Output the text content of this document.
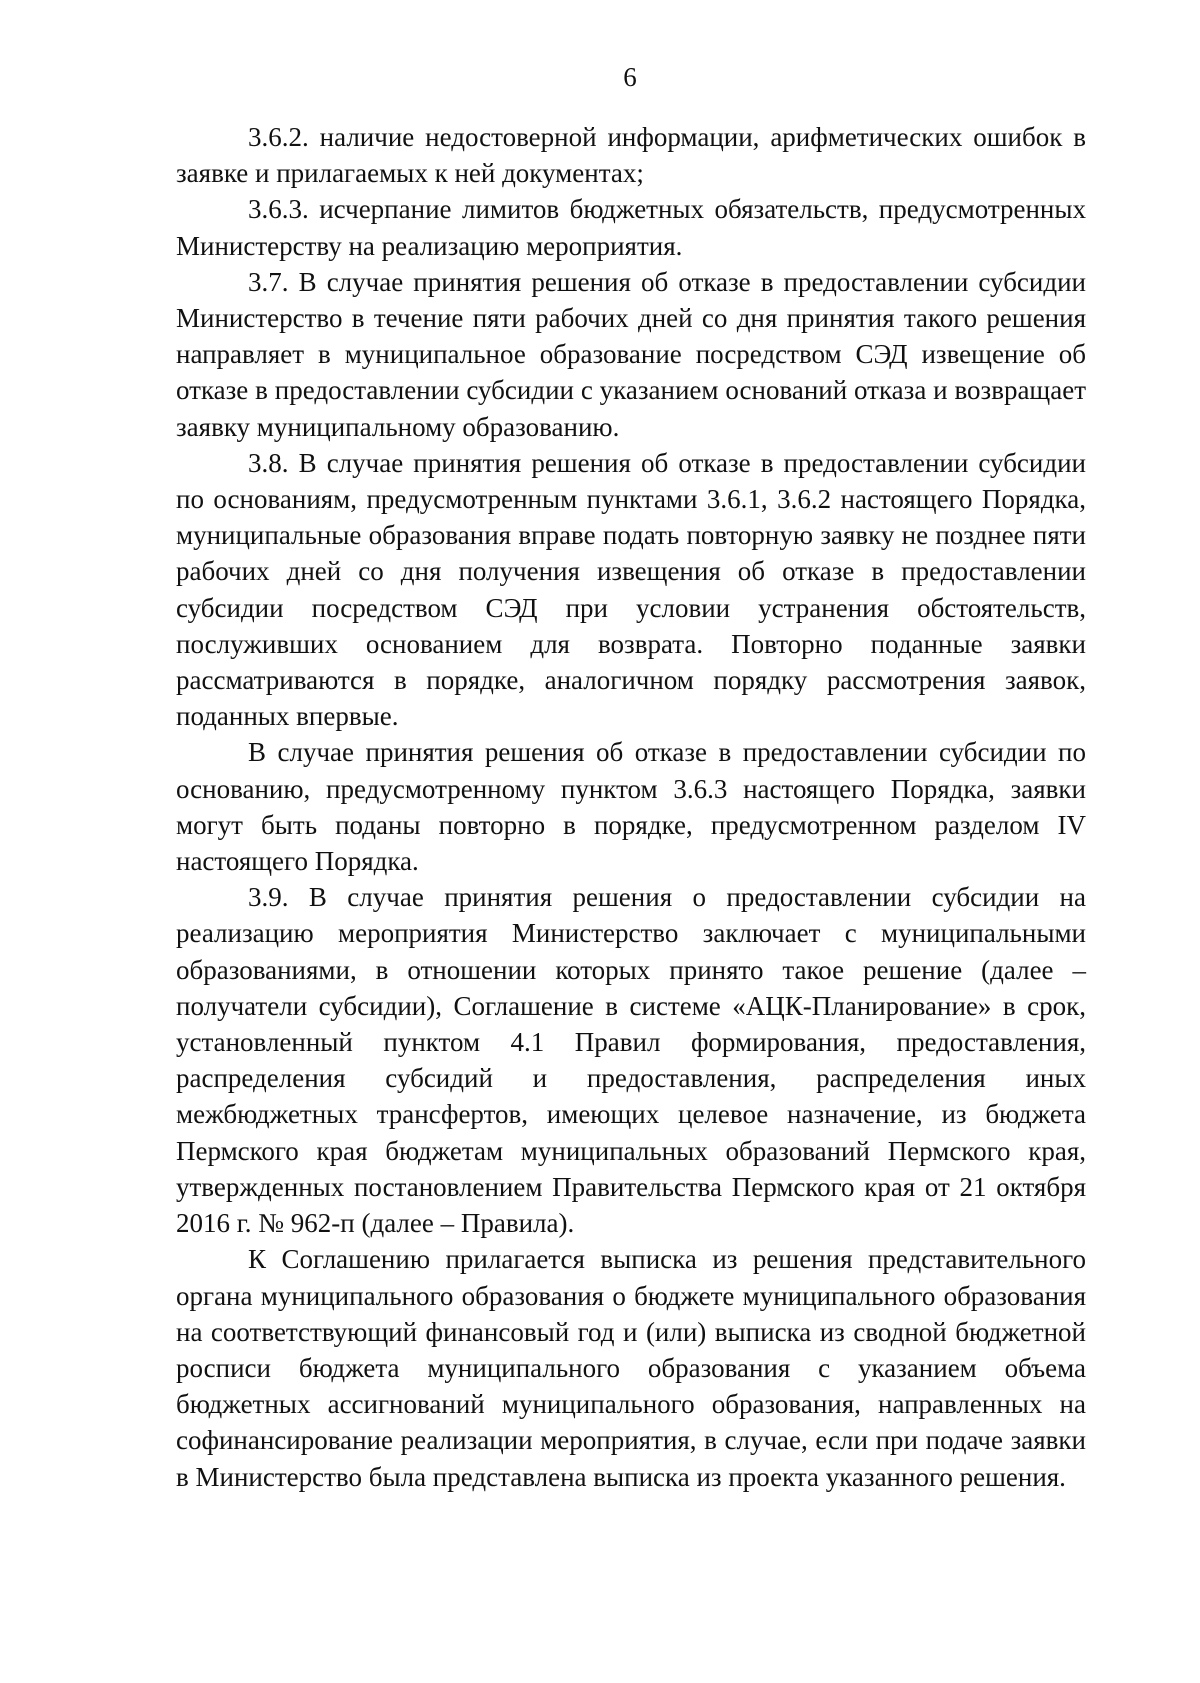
6

3.6.2. наличие недостоверной информации, арифметических ошибок в заявке и прилагаемых к ней документах;

3.6.3. исчерпание лимитов бюджетных обязательств, предусмотренных Министерству на реализацию мероприятия.

3.7. В случае принятия решения об отказе в предоставлении субсидии Министерство в течение пяти рабочих дней со дня принятия такого решения направляет в муниципальное образование посредством СЭД извещение об отказе в предоставлении субсидии с указанием оснований отказа и возвращает заявку муниципальному образованию.

3.8. В случае принятия решения об отказе в предоставлении субсидии по основаниям, предусмотренным пунктами 3.6.1, 3.6.2 настоящего Порядка, муниципальные образования вправе подать повторную заявку не позднее пяти рабочих дней со дня получения извещения об отказе в предоставлении субсидии посредством СЭД при условии устранения обстоятельств, послуживших основанием для возврата. Повторно поданные заявки рассматриваются в порядке, аналогичном порядку рассмотрения заявок, поданных впервые.

В случае принятия решения об отказе в предоставлении субсидии по основанию, предусмотренному пунктом 3.6.3 настоящего Порядка, заявки могут быть поданы повторно в порядке, предусмотренном разделом IV настоящего Порядка.

3.9. В случае принятия решения о предоставлении субсидии на реализацию мероприятия Министерство заключает с муниципальными образованиями, в отношении которых принято такое решение (далее – получатели субсидии), Соглашение в системе «АЦК-Планирование» в срок, установленный пунктом 4.1 Правил формирования, предоставления, распределения субсидий и предоставления, распределения иных межбюджетных трансфертов, имеющих целевое назначение, из бюджета Пермского края бюджетам муниципальных образований Пермского края, утвержденных постановлением Правительства Пермского края от 21 октября 2016 г. № 962-п (далее – Правила).

К Соглашению прилагается выписка из решения представительного органа муниципального образования о бюджете муниципального образования на соответствующий финансовый год и (или) выписка из сводной бюджетной росписи бюджета муниципального образования с указанием объема бюджетных ассигнований муниципального образования, направленных на софинансирование реализации мероприятия, в случае, если при подаче заявки в Министерство была представлена выписка из проекта указанного решения.
